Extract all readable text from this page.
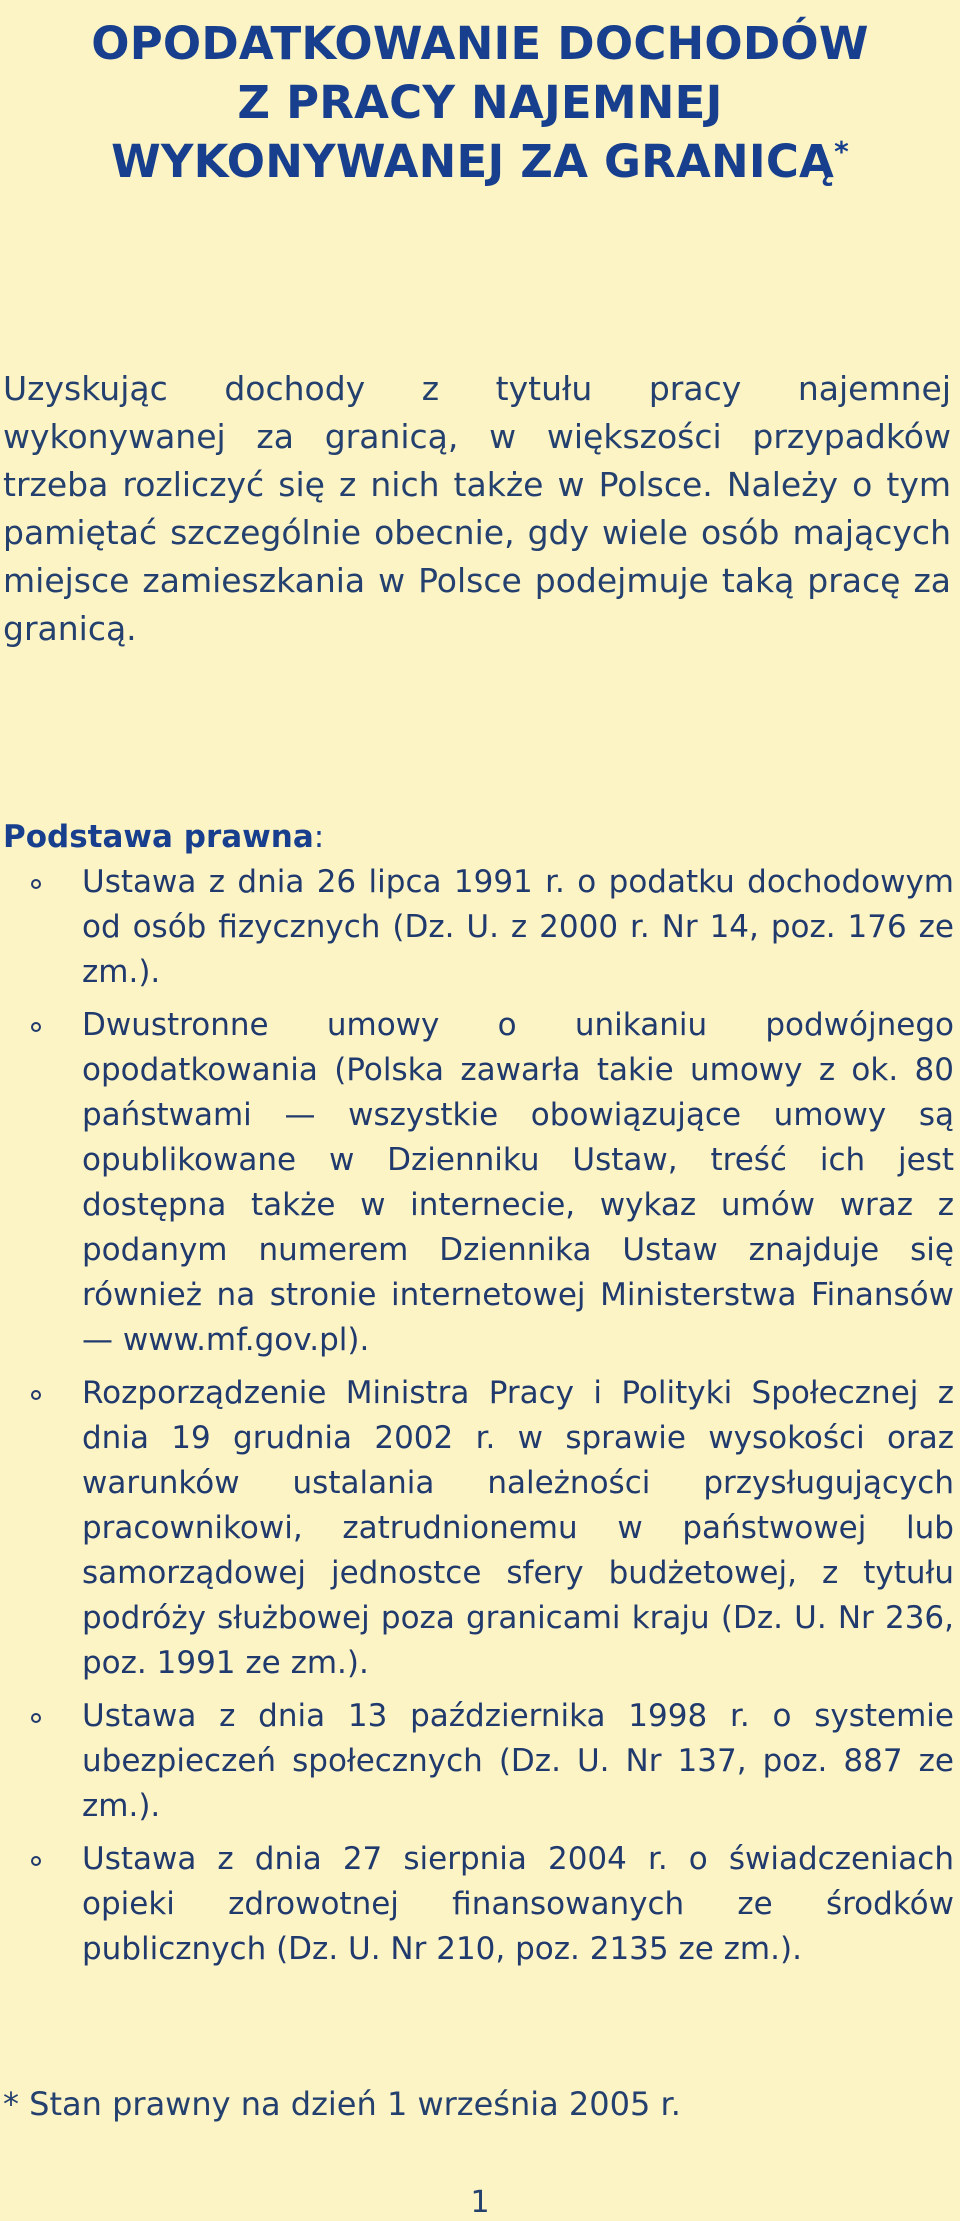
OPODATKOWANIE DOCHODÓW
Z PRACY NAJEMNEJ
WYKONYWANEJ ZA GRANICĄ*

Uzyskując dochody z tytułu pracy najemnej wykonywanej za granicą, w większości przypadków trzeba rozliczyć się z nich także w Polsce. Należy o tym pamiętać szczególnie obecnie, gdy wiele osób mających miejsce zamieszkania w Polsce podejmuje taką pracę za granicą.

Podstawa prawna:

Ustawa z dnia 26 lipca 1991 r. o podatku dochodowym od osób fizycznych (Dz. U. z 2000 r. Nr 14, poz. 176 ze zm.).
Dwustronne umowy o unikaniu podwójnego opodatkowania (Polska zawarła takie umowy z ok. 80 państwami — wszystkie obowiązujące umowy są opublikowane w Dzienniku Ustaw, treść ich jest dostępna także w internecie, wykaz umów wraz z podanym numerem Dziennika Ustaw znajduje się również na stronie internetowej Ministerstwa Finansów — www.mf.gov.pl).
Rozporządzenie Ministra Pracy i Polityki Społecznej z dnia 19 grudnia 2002 r. w sprawie wysokości oraz warunków ustalania należności przysługujących pracownikowi, zatrudnionemu w państwowej lub samorządowej jednostce sfery budżetowej, z tytułu podróży służbowej poza granicami kraju (Dz. U. Nr 236, poz. 1991 ze zm.).
Ustawa z dnia 13 października 1998 r. o systemie ubezpieczeń społecznych (Dz. U. Nr 137, poz. 887 ze zm.).
Ustawa z dnia 27 sierpnia 2004 r. o świadczeniach opieki zdrowotnej finansowanych ze środków publicznych (Dz. U. Nr 210, poz. 2135 ze zm.).

* Stan prawny na dzień 1 września 2005 r.

1
